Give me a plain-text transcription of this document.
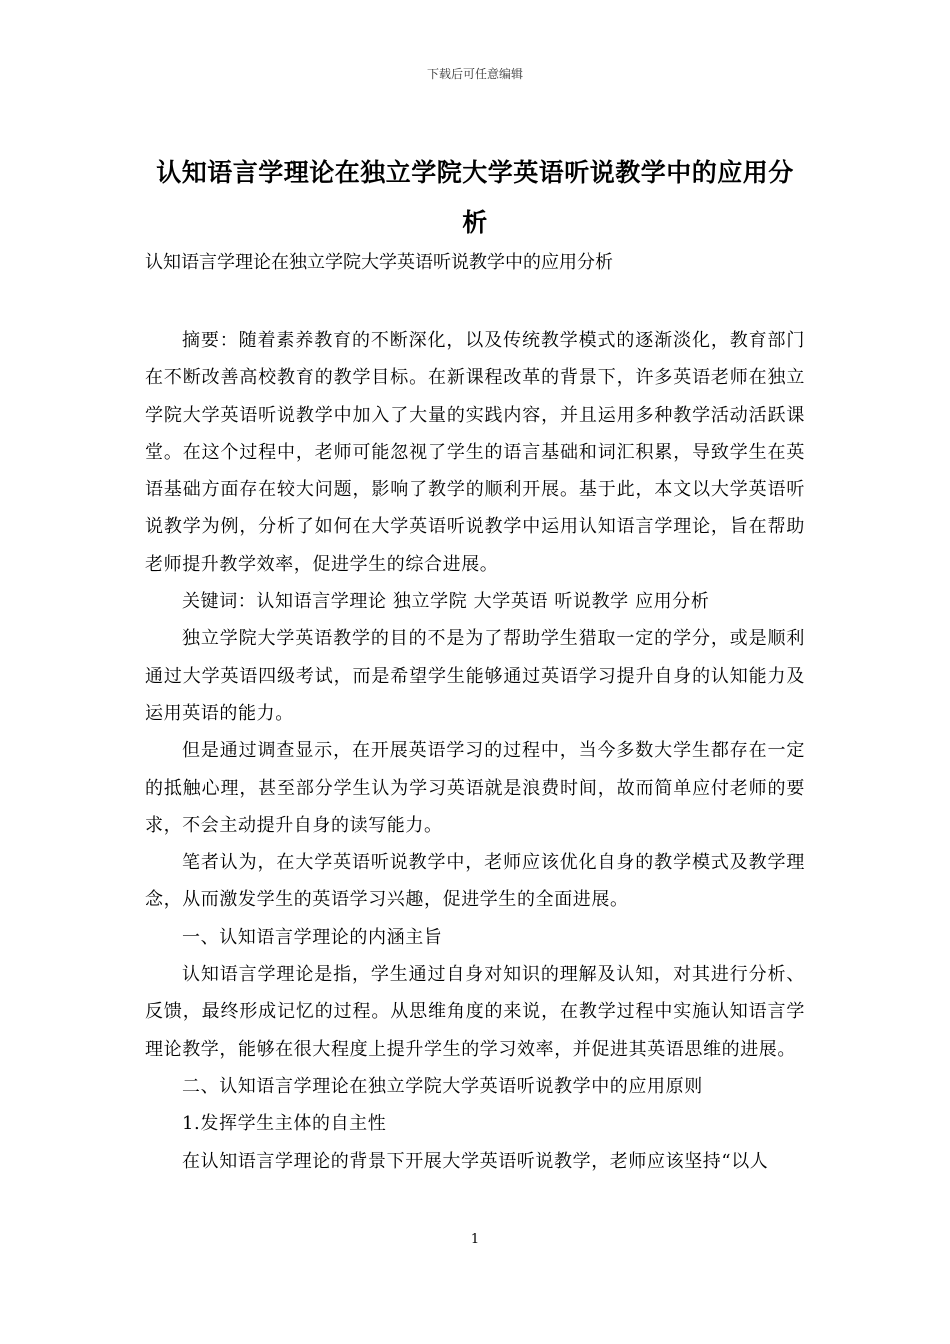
下载后可任意编辑
认知语言学理论在独立学院大学英语听说教学中的应用分析
认知语言学理论在独立学院大学英语听说教学中的应用分析

摘要：随着素养教育的不断深化，以及传统教学模式的逐渐淡化，教育部门在不断改善高校教育的教学目标。在新课程改革的背景下，许多英语老师在独立学院大学英语听说教学中加入了大量的实践内容，并且运用多种教学活动活跃课堂。在这个过程中，老师可能忽视了学生的语言基础和词汇积累，导致学生在英语基础方面存在较大问题，影响了教学的顺利开展。基于此，本文以大学英语听说教学为例，分析了如何在大学英语听说教学中运用认知语言学理论，旨在帮助老师提升教学效率，促进学生的综合进展。

关键词：认知语言学理论 独立学院 大学英语 听说教学 应用分析

独立学院大学英语教学的目的不是为了帮助学生猎取一定的学分，或是顺利通过大学英语四级考试，而是希望学生能够通过英语学习提升自身的认知能力及运用英语的能力。

但是通过调查显示，在开展英语学习的过程中，当今多数大学生都存在一定的抵触心理，甚至部分学生认为学习英语就是浪费时间，故而简单应付老师的要求，不会主动提升自身的读写能力。

笔者认为，在大学英语听说教学中，老师应该优化自身的教学模式及教学理念，从而激发学生的英语学习兴趣，促进学生的全面进展。

一、认知语言学理论的内涵主旨

认知语言学理论是指，学生通过自身对知识的理解及认知，对其进行分析、反馈，最终形成记忆的过程。从思维角度的来说，在教学过程中实施认知语言学理论教学，能够在很大程度上提升学生的学习效率，并促进其英语思维的进展。

二、认知语言学理论在独立学院大学英语听说教学中的应用原则

1.发挥学生主体的自主性

在认知语言学理论的背景下开展大学英语听说教学，老师应该坚持“以人

1
